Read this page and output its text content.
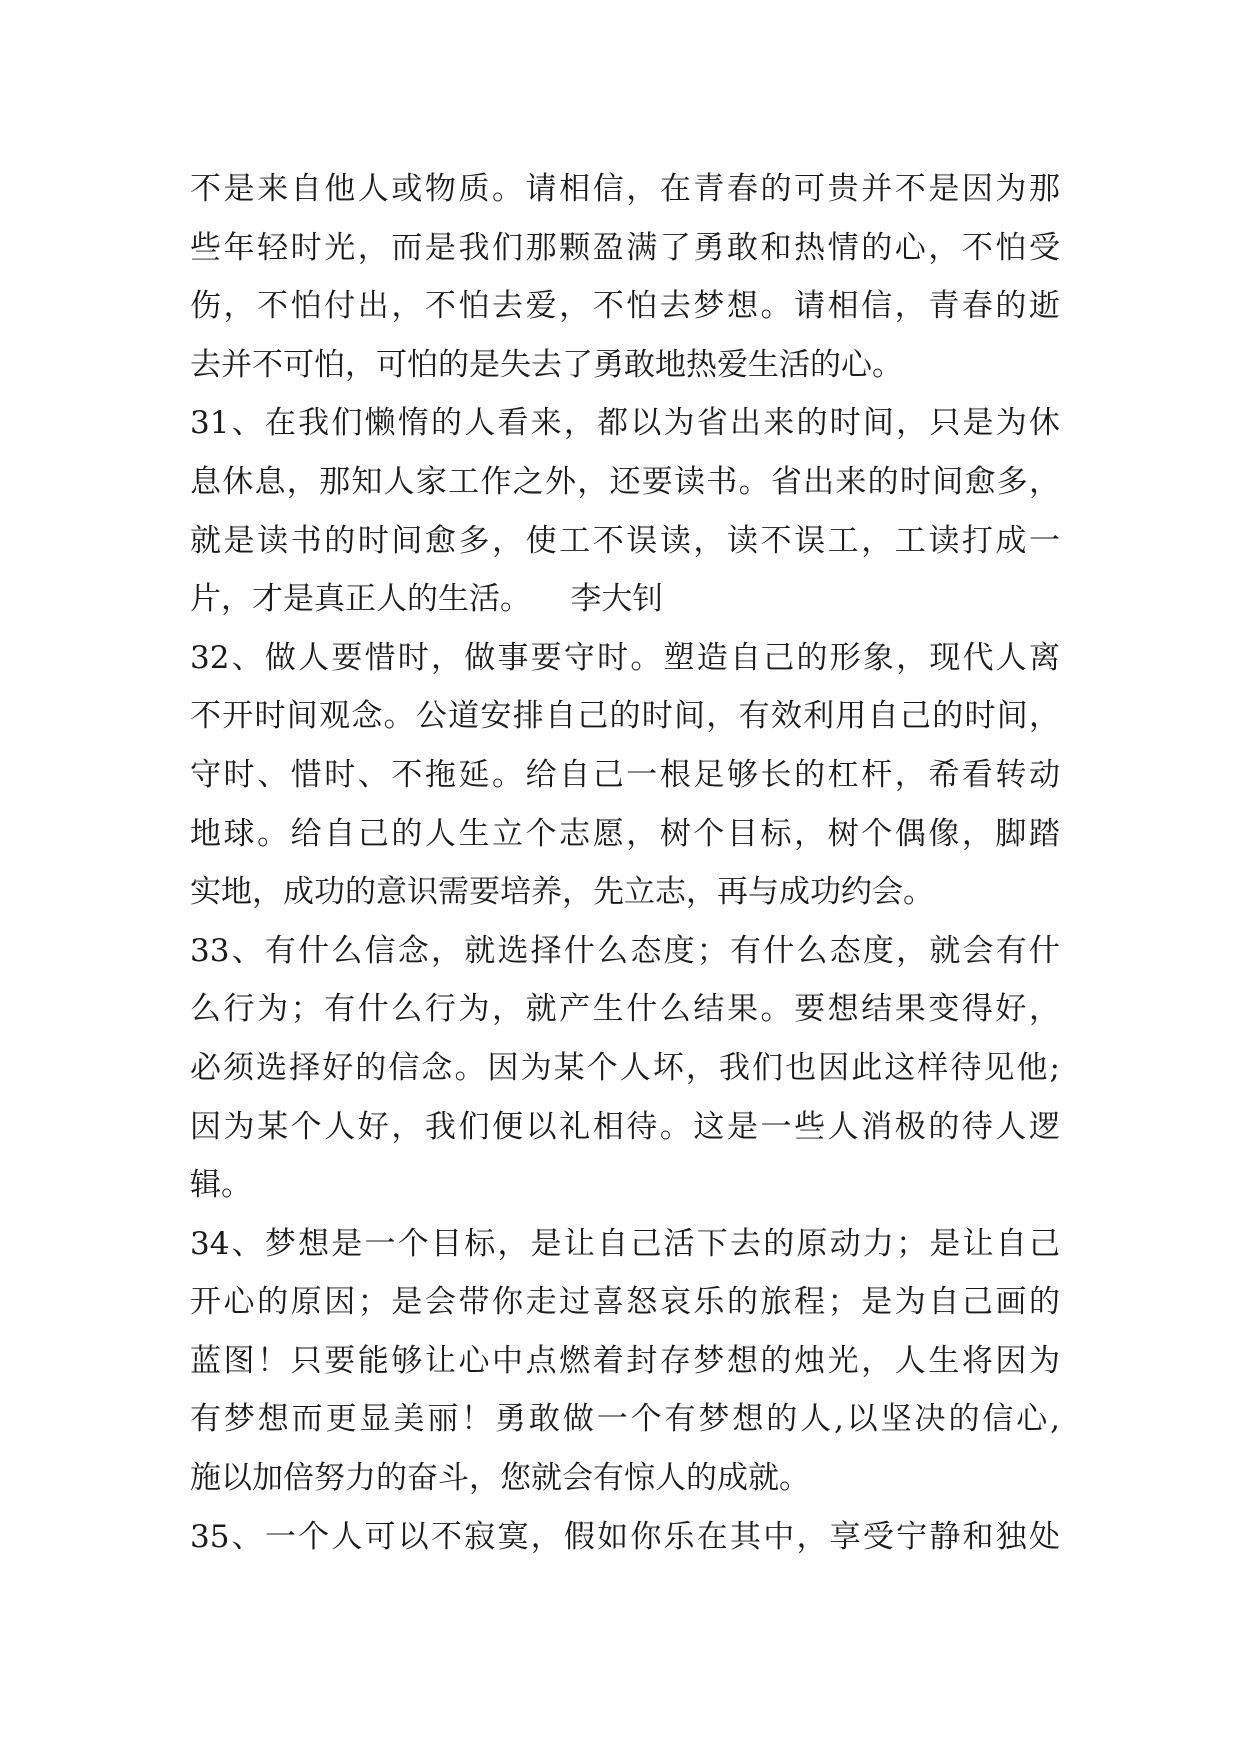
不是来自他人或物质。请相信，在青春的可贵并不是因为那
些年轻时光，而是我们那颗盈满了勇敢和热情的心，不怕受
伤，不怕付出，不怕去爱，不怕去梦想。请相信，青春的逝
去并不可怕，可怕的是失去了勇敢地热爱生活的心。
31、在我们懒惰的人看来，都以为省出来的时间，只是为休
息休息，那知人家工作之外，还要读书。省出来的时间愈多，
就是读书的时间愈多，使工不误读，读不误工，工读打成一
片，才是真正人的生活。    李大钊
32、做人要惜时，做事要守时。塑造自己的形象，现代人离
不开时间观念。公道安排自己的时间，有效利用自己的时间，
守时、惜时、不拖延。给自己一根足够长的杠杆，希看转动
地球。给自己的人生立个志愿，树个目标，树个偶像，脚踏
实地，成功的意识需要培养，先立志，再与成功约会。
33、有什么信念，就选择什么态度；有什么态度，就会有什
么行为；有什么行为，就产生什么结果。要想结果变得好，
必须选择好的信念。因为某个人坏，我们也因此这样待见他;
因为某个人好，我们便以礼相待。这是一些人消极的待人逻
辑。
34、梦想是一个目标，是让自己活下去的原动力；是让自己
开心的原因；是会带你走过喜怒哀乐的旅程；是为自己画的
蓝图！只要能够让心中点燃着封存梦想的烛光，人生将因为
有梦想而更显美丽！勇敢做一个有梦想的人,以坚决的信心,
施以加倍努力的奋斗，您就会有惊人的成就。
35、一个人可以不寂寞，假如你乐在其中，享受宁静和独处
